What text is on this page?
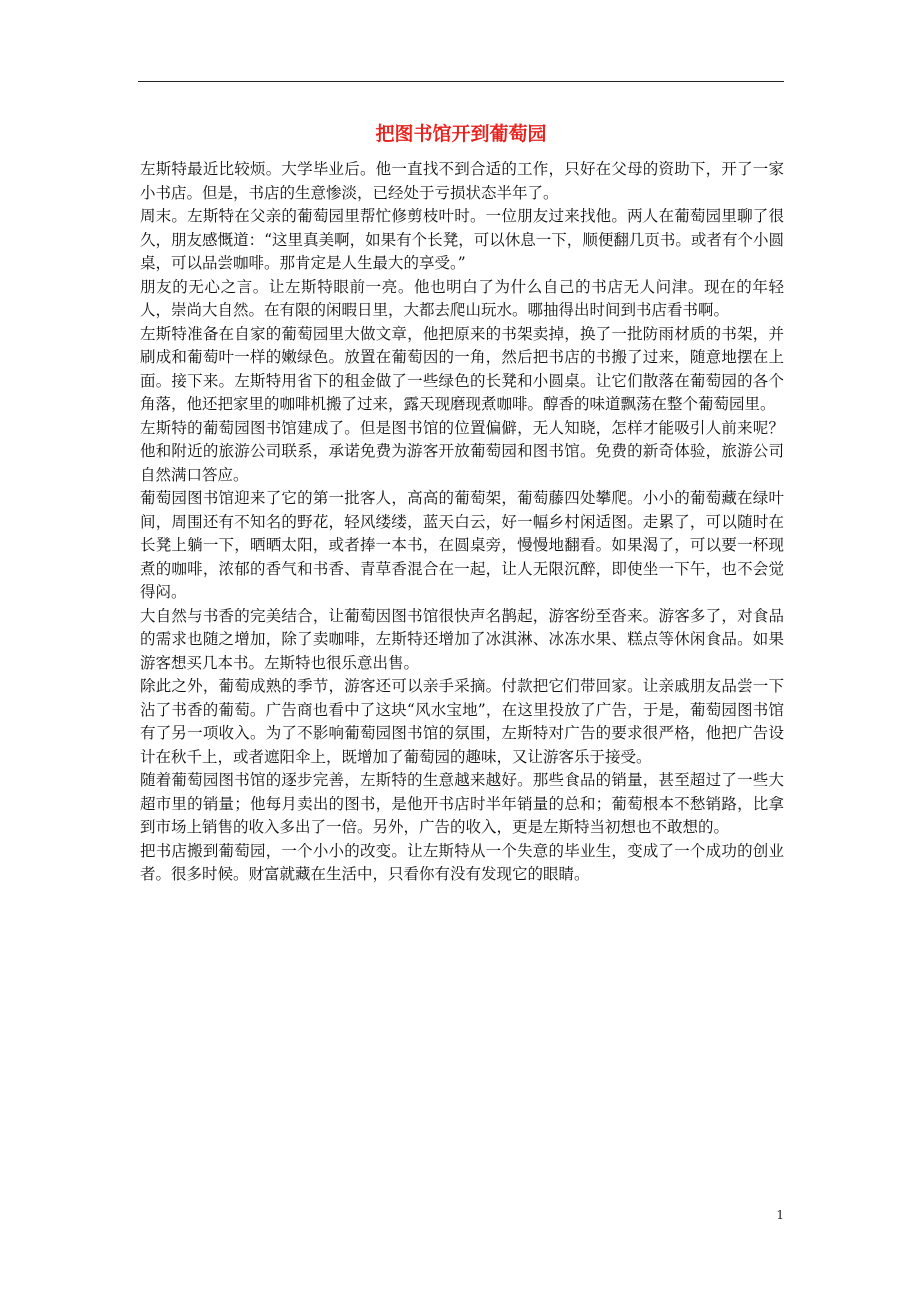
把图书馆开到葡萄园

左斯特最近比较烦。大学毕业后。他一直找不到合适的工作，只好在父母的资助下，开了一家小书店。但是，书店的生意惨淡，已经处于亏损状态半年了。

周末。左斯特在父亲的葡萄园里帮忙修剪枝叶时。一位朋友过来找他。两人在葡萄园里聊了很久，朋友感慨道：“这里真美啊，如果有个长凳，可以休息一下，顺便翻几页书。或者有个小圆桌，可以品尝咖啡。那肯定是人生最大的享受。”

朋友的无心之言。让左斯特眼前一亮。他也明白了为什么自己的书店无人问津。现在的年轻人，崇尚大自然。在有限的闲暇日里，大都去爬山玩水。哪抽得出时间到书店看书啊。

左斯特准备在自家的葡萄园里大做文章，他把原来的书架卖掉，换了一批防雨材质的书架，并刷成和葡萄叶一样的嫩绿色。放置在葡萄因的一角，然后把书店的书搬了过来，随意地摆在上面。接下来。左斯特用省下的租金做了一些绿色的长凳和小圆桌。让它们散落在葡萄园的各个角落，他还把家里的咖啡机搬了过来，露天现磨现煮咖啡。醇香的味道飘荡在整个葡萄园里。

左斯特的葡萄园图书馆建成了。但是图书馆的位置偏僻，无人知晓，怎样才能吸引人前来呢？他和附近的旅游公司联系，承诺免费为游客开放葡萄园和图书馆。免费的新奇体验，旅游公司自然满口答应。

葡萄园图书馆迎来了它的第一批客人，高高的葡萄架，葡萄藤四处攀爬。小小的葡萄藏在绿叶间，周围还有不知名的野花，轻风缕缕，蓝天白云，好一幅乡村闲适图。走累了，可以随时在长凳上躺一下，晒晒太阳，或者捧一本书，在圆桌旁，慢慢地翻看。如果渴了，可以要一杯现煮的咖啡，浓郁的香气和书香、青草香混合在一起，让人无限沉醉，即使坐一下午，也不会觉得闷。

大自然与书香的完美结合，让葡萄因图书馆很快声名鹊起，游客纷至沓来。游客多了，对食品的需求也随之增加，除了卖咖啡，左斯特还增加了冰淇淋、冰冻水果、糕点等休闲食品。如果游客想买几本书。左斯特也很乐意出售。

除此之外，葡萄成熟的季节，游客还可以亲手采摘。付款把它们带回家。让亲戚朋友品尝一下沾了书香的葡萄。广告商也看中了这块“风水宝地”，在这里投放了广告，于是，葡萄园图书馆有了另一项收入。为了不影响葡萄园图书馆的氛围，左斯特对广告的要求很严格，他把广告设计在秋千上，或者遮阳伞上，既增加了葡萄园的趣味，又让游客乐于接受。

随着葡萄园图书馆的逐步完善，左斯特的生意越来越好。那些食品的销量，甚至超过了一些大超市里的销量；他每月卖出的图书，是他开书店时半年销量的总和；葡萄根本不愁销路，比拿到市场上销售的收入多出了一倍。另外，广告的收入，更是左斯特当初想也不敢想的。

把书店搬到葡萄园，一个小小的改变。让左斯特从一个失意的毕业生，变成了一个成功的创业者。很多时候。财富就藏在生活中，只看你有没有发现它的眼睛。

1
